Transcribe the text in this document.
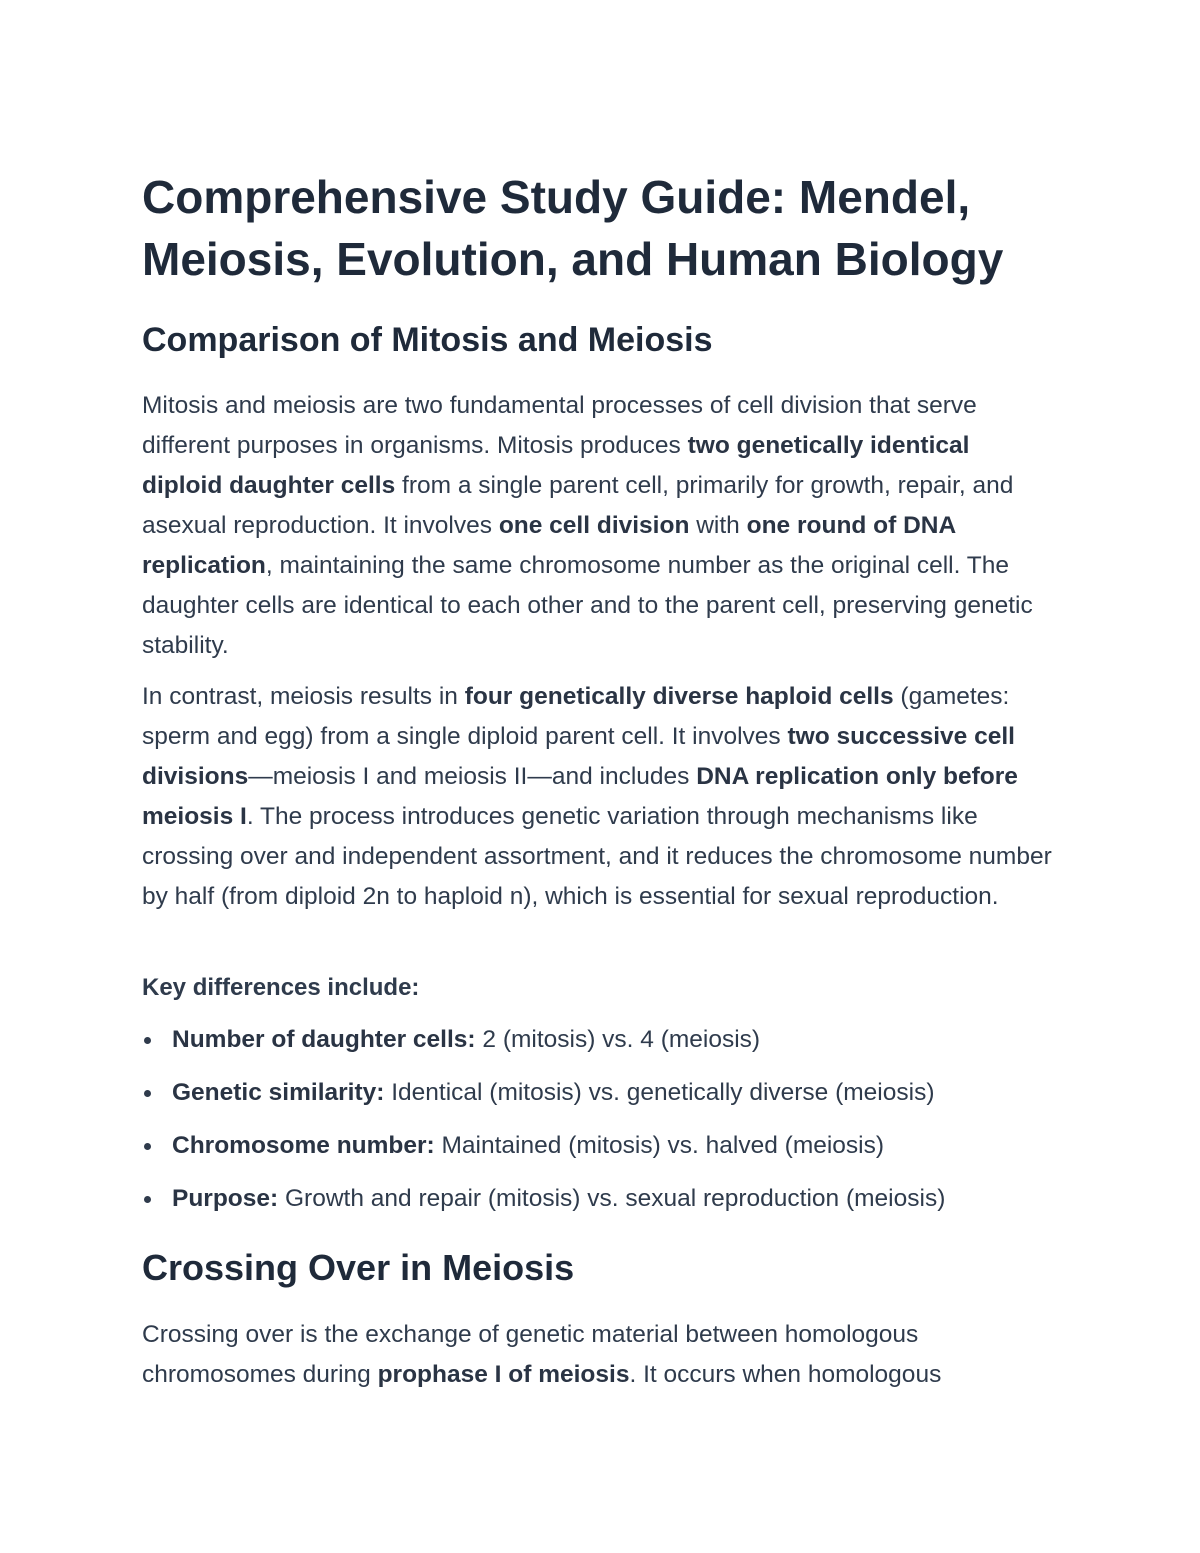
Comprehensive Study Guide: Mendel, Meiosis, Evolution, and Human Biology
Comparison of Mitosis and Meiosis

Mitosis and meiosis are two fundamental processes of cell division that serve different purposes in organisms. Mitosis produces two genetically identical diploid daughter cells from a single parent cell, primarily for growth, repair, and asexual reproduction. It involves one cell division with one round of DNA replication, maintaining the same chromosome number as the original cell. The daughter cells are identical to each other and to the parent cell, preserving genetic stability.

In contrast, meiosis results in four genetically diverse haploid cells (gametes: sperm and egg) from a single diploid parent cell. It involves two successive cell divisions—meiosis I and meiosis II—and includes DNA replication only before meiosis I. The process introduces genetic variation through mechanisms like crossing over and independent assortment, and it reduces the chromosome number by half (from diploid 2n to haploid n), which is essential for sexual reproduction.

Key differences include:
Number of daughter cells: 2 (mitosis) vs. 4 (meiosis)
Genetic similarity: Identical (mitosis) vs. genetically diverse (meiosis)
Chromosome number: Maintained (mitosis) vs. halved (meiosis)
Purpose: Growth and repair (mitosis) vs. sexual reproduction (meiosis)
Crossing Over in Meiosis

Crossing over is the exchange of genetic material between homologous chromosomes during prophase I of meiosis. It occurs when homologous
